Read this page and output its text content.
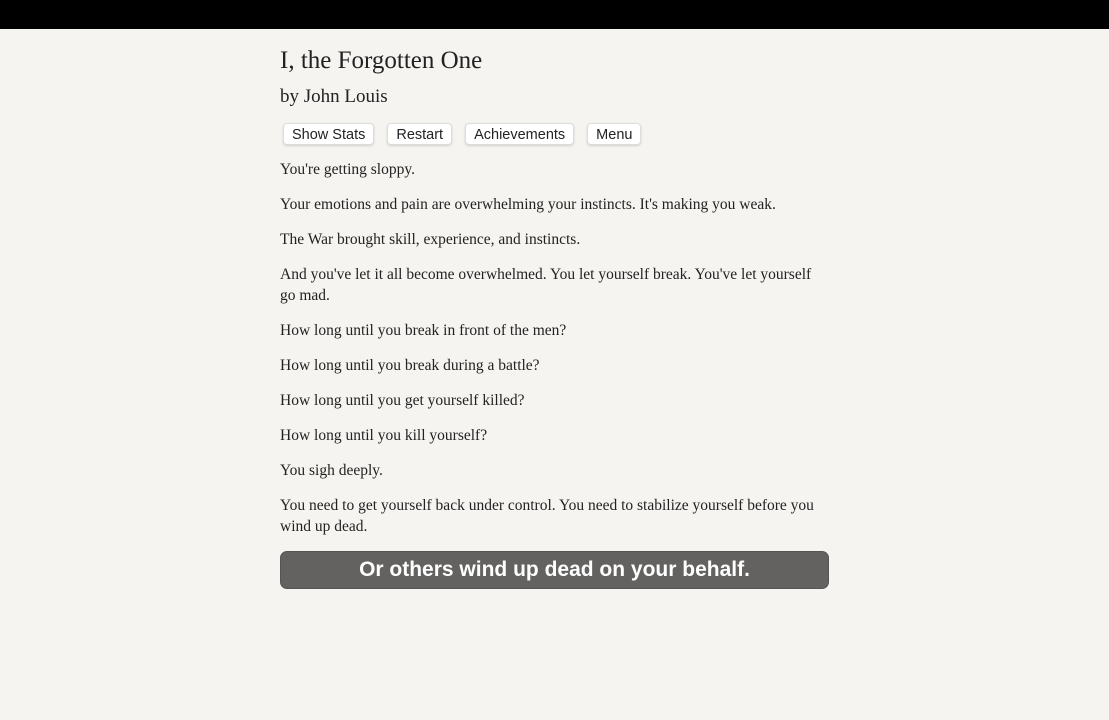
I, the Forgotten One
by John Louis
Show Stats	Restart	Achievements	Menu

You're getting sloppy.

Your emotions and pain are overwhelming your instincts. It's making you weak.

The War brought skill, experience, and instincts.

And you've let it all become overwhelmed. You let yourself break. You've let yourself go mad.

How long until you break in front of the men?

How long until you break during a battle?

How long until you get yourself killed?

How long until you kill yourself?

You sigh deeply.

You need to get yourself back under control. You need to stabilize yourself before you wind up dead.

Or others wind up dead on your behalf.
